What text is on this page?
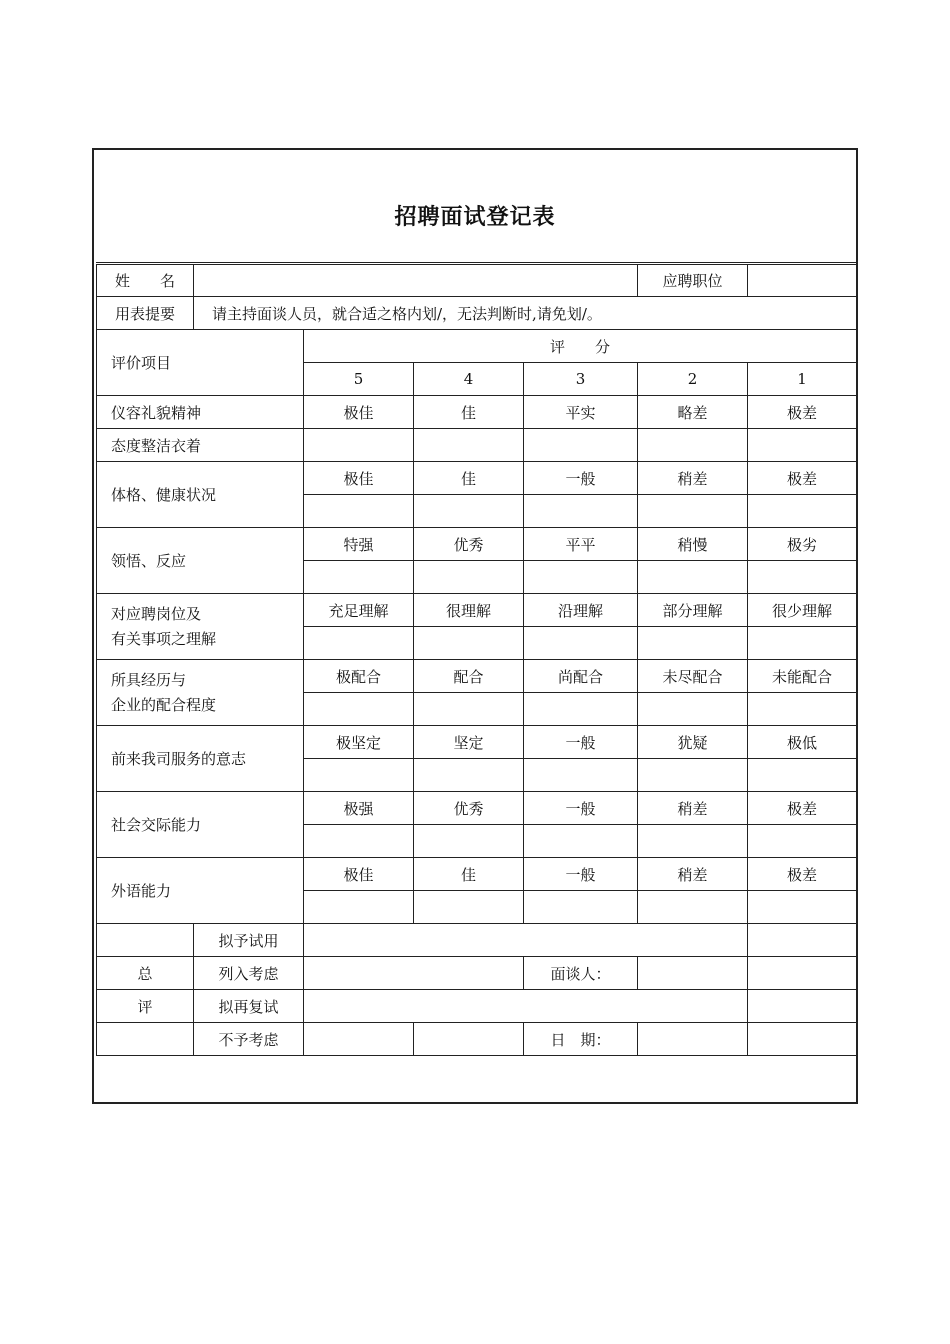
招聘面试登记表
姓　　名					应聘职位		
用表提要	请主持面谈人员，就合适之格内划/，无法判断时,请免划/。						
评价项目		评　　分					
		5	4	3	2	1	
仪容礼貌精神		极佳	佳	平实	略差	极差	
态度整洁衣着							
体格、健康状况		极佳	佳	一般	稍差	极差	

领悟、反应		特强	优秀	平平	稍慢	极劣	

对应聘岗位及
有关事项之理解		充足理解	很理解	沿理解	部分理解	很少理解	

所具经历与
企业的配合程度		极配合	配合	尚配合	未尽配合	未能配合	

前来我司服务的意志		极坚定	坚定	一般	犹疑	极低	

社会交际能力		极强	优秀	一般	稍差	极差	

外语能力		极佳	佳	一般	稍差	极差	

	拟予试用						
总	列入考虑			面谈人：			
评	拟再复试						
	不予考虑			日　期：			
